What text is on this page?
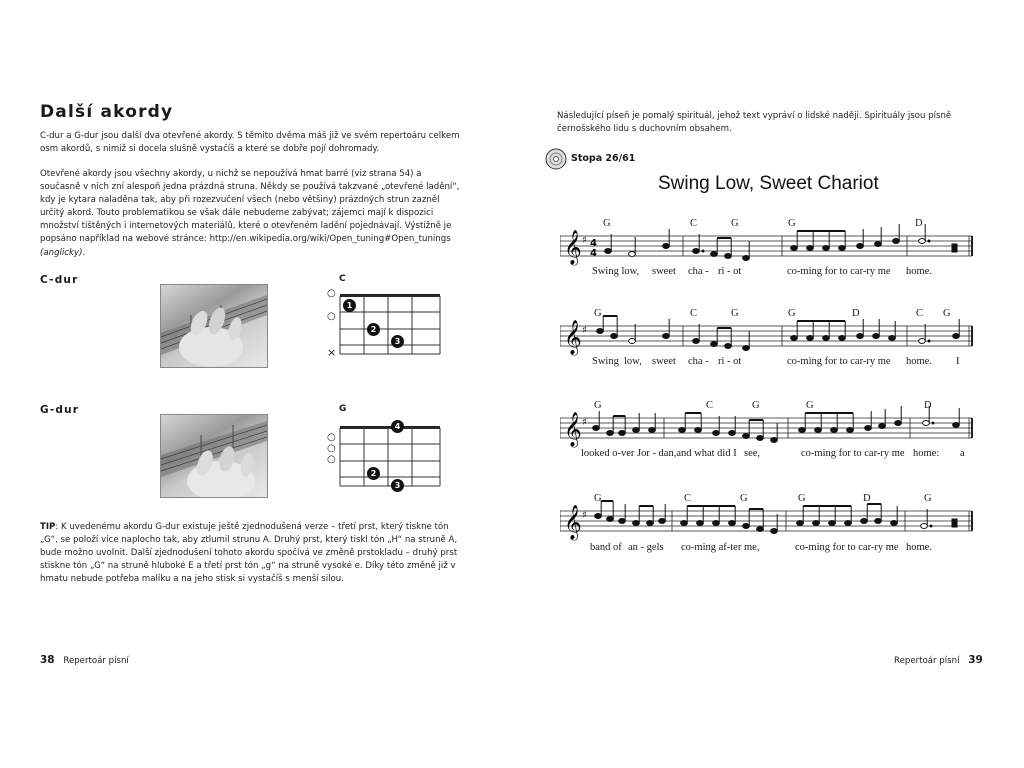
Další akordy
C-dur a G-dur jsou další dva otevřené akordy. S těmito dvěma máš již ve svém repertoáru celkem osm akordů, s nimiž si docela slušně vystačíš a které se dobře pojí dohromady.
Otevřené akordy jsou všechny akordy, u nichž se nepoužívá hmat barré (viz strana 54) a současně v nich zní alespoň jedna prázdná struna. Někdy se používá takzvané „otevřené ladění“, kdy je kytara naladěna tak, aby při rozezvučení všech (nebo většiny) prázdných strun zazněl určitý akord. Touto problematikou se však dále nebudeme zabývat; zájemci mají k dispozici množství tištěných i internetových materiálů, které o otevřeném ladění pojednávají. Výstižně je popsáno například na webové stránce: http://en.wikipedia.org/wiki/Open_tuning#Open_tunings (anglicky).
C-dur	C
○
○
×
1
2
3
G-dur	G
○
○
○
4
2
3
TIP: K uvedenému akordu G-dur existuje ještě zjednodušená verze – třetí prst, který tiskne tón „G“, se položí více naplocho tak, aby ztlumil strunu A. Druhý prst, který tiskl tón „H“ na struně A, bude možno uvolnit. Další zjednodušení tohoto akordu spočívá ve změně prstokladu – druhý prst stiskne tón „G“ na struně hluboké E a třetí prst tón „g“ na struně vysoké e. Díky této změně již v hmatu nebude potřeba malíku a na jeho stisk si vystačíš s menší silou.
38 Repertoár písní
Následující píseň je pomalý spirituál, jehož text vypráví o lidské naději. Spirituály jsou písně černošského lidu s duchovním obsahem.
Stopa 26/61
Swing Low, Sweet Chariot
𝄞 ♯ 4
4
G	C	G	G	D
Swing low, sweet cha - ri - ot	co-ming for to car-ry me home.
𝄞 ♯
G	C	G	G	D	C G
Swing low, sweet cha - ri - ot	co-ming for to car-ry me home. I
𝄞 ♯
G	C	G	G	D
looked o-ver Jor - dan,and what did I see,	co-ming for to car-ry me home: a
𝄞 ♯
G	C	G	G	D	G
band of an - gels co-ming af-ter me,	co-ming for to car-ry me home.
Repertoár písní 39
